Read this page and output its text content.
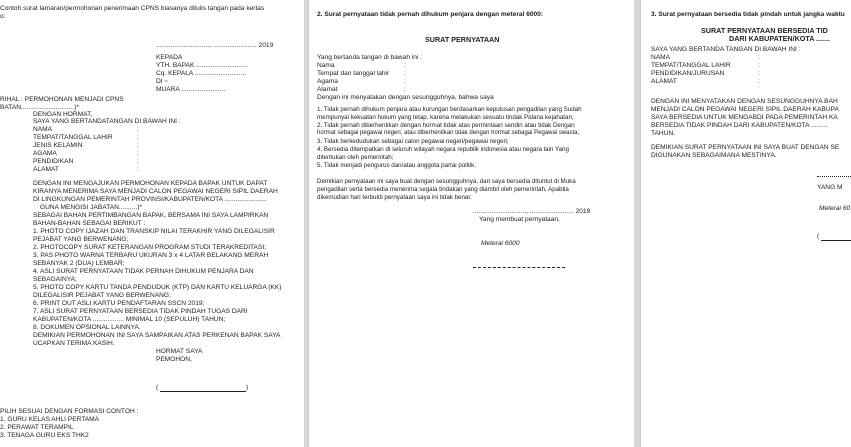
Contoh surat lamaran/permohonan penerimaan CPNS biasanya ditulis tangan pada kertas
o:
............................., ........................ 2019
KEPADA
YTH. BAPAK ............................
Cq. KEPALA ............................
DI ~
MUARA ........................
RIHAL : PERMOHONAN MENJADI CPNS
BATAN.............................)*
DENGAN HORMAT,
SAYA YANG BERTANDATANGAN DI BAWAH INI :
NAMA
TEMPAT/TANGGAL LAHIR
JENIS KELAMIN
AGAMA
PENDIDIKAN
ALAMAT
:
:
:
:
:
:
DENGAN INI MENGAJUKAN PERMOHONAN KEPADA BAPAK UNTUK DAPAT
KIRANYA MENERIMA SAYA MENJADI CALON PEGAWAI NEGERI SIPIL DAERAH
DI LINGKUNGAN PEMERINTAH PROVINSI/KABUPATEN/KOTA .......................
GUNA MENGISI JABATAN..........)*
SEBAGAI BAHAN PERTIMBANGAN BAPAK, BERSAMA INI SAYA LAMPIRKAN
BAHAN-BAHAN SEBAGAI BERIKUT :
1. PHOTO COPY IJAZAH DAN TRANSKIP NILAI TERAKHIR YANG DILEGALISIR
PEJABAT YANG BERWENANG;
2. PHOTOCOPY SURAT KETERANGAN PROGRAM STUDI TERAKREDITASI;
3. PAS PHOTO WARNA TERBARU UKURAN 3 x 4 LATAR BELAKANG MERAH
SEBANYAK 2 (DUA) LEMBAR;
4. ASLI SURAT PERNYATAAN TIDAK PERNAH DIHUKUM PENJARA DAN
SEBAGAINYA;
5. PHOTO COPY KARTU TANDA PENDUDUK (KTP) DAN KARTU KELUARGA (KK)
DILEGALISIR PEJABAT YANG BERWENANG;
6. PRINT OUT ASLI KARTU PENDAFTARAN SSCN 2019;
7. ASLI SURAT PERNYATAAN BERSEDIA TIDAK PINDAH TUGAS DARI
KABUPATEN/KOTA ................. MINIMAL 10 (SEPULUH) TAHUN;
8. DOKUMEN OPSIONAL LAINNYA.
DEMIKIAN PERMOHONAN INI SAYA SAMPAIKAN ATAS PERKENAN BAPAK SAYA
UCAPKAN TERIMA KASIH.
HORMAT SAYA
PEMOHON,
(	)
PILIH SESUAI DENGAN FORMASI CONTOH :
1. GURU KELAS AHLI PERTAMA
2. PERAWAT TERAMPIL
3. TENAGA GURU EKS THK2
2. Surat pernyataan tidak pernah dihukum penjara dengan meteral 6000:
SURAT PERNYATAAN
Yang bertanda tangan di bawah ini :
Nama
Tempat dan tanggal lahir
Agama
Alamat
:
:
:
:
Dengan ini menyatakan dengan sesungguhnya, bahwa saya
1. Tidak pernah dihukum penjara atau kurungan berdasarkan keputusan pengadilan yang Sudah
mempunyai kekuatan hukum yang tetap, karena melakukan sesuatu tindak Pidana kejahatan;
2. Tidak pernah diberhentikan dengan hormat tidak atas permintaan sendiri atau tidak Dengan
hormat sebagai pegawai negeri, atau diberhentikan tidak dengan hormat sebagai Pegawai swasta;
3. Tidak berkedudukan sebagai calon pegawai negeri/pegawai negeri;
4. Bersedia ditempatkan di seluruh wilayah negara republik indonesia atau negara lain Yang
ditentukan oleh pemerintah;
5. Tidak menjadi pengurus dan/atau anggota partai politik.
Demikian pernyataan ini saya buat dengan sesungguhnya, dan saya bersedia dituntut di Muka
pengadilan serta bersedia menerima segala tindakan yang diambil oleh pemerintah, Apabila
dikemudian hari terbukti pernyataan saya ini tidak benar.
............................., ........................ 2019
Yang membuat pernyataan,
Meterai 6000
3. Surat pernyataan bersedia tidak pindah untuk jangka waktu
SURAT PERNYATAAN BERSEDIA TID
DARI KABUPATEN/KOTA .......
SAYA YANG BERTANDA TANGAN DI BAWAH INI :
NAMA
TEMPAT/TANGGAL LAHIR
PENDIDIKAN/JURUSAN
ALAMAT
:
:
:
:
DENGAN INI MENYATAKAN DENGAN SESUNGGUHNYA BAH
MENJADI CALON PEGAWAI NEGERI SIPIL DAERAH KABUPA
SAYA BERSEDIA UNTUK MENGABDI PADA PEMERINTAH KA
BERSEDIA TIDAK PINDAH DARI KABUPATEN/KOTA .........
TAHUN.
DEMIKIAN SURAT PERNYATAAN INI SAYA BUAT DENGAN SE
DIGUNAKAN SEBAGAIMANA MESTINYA.
YANG M
Meterai 60
(
